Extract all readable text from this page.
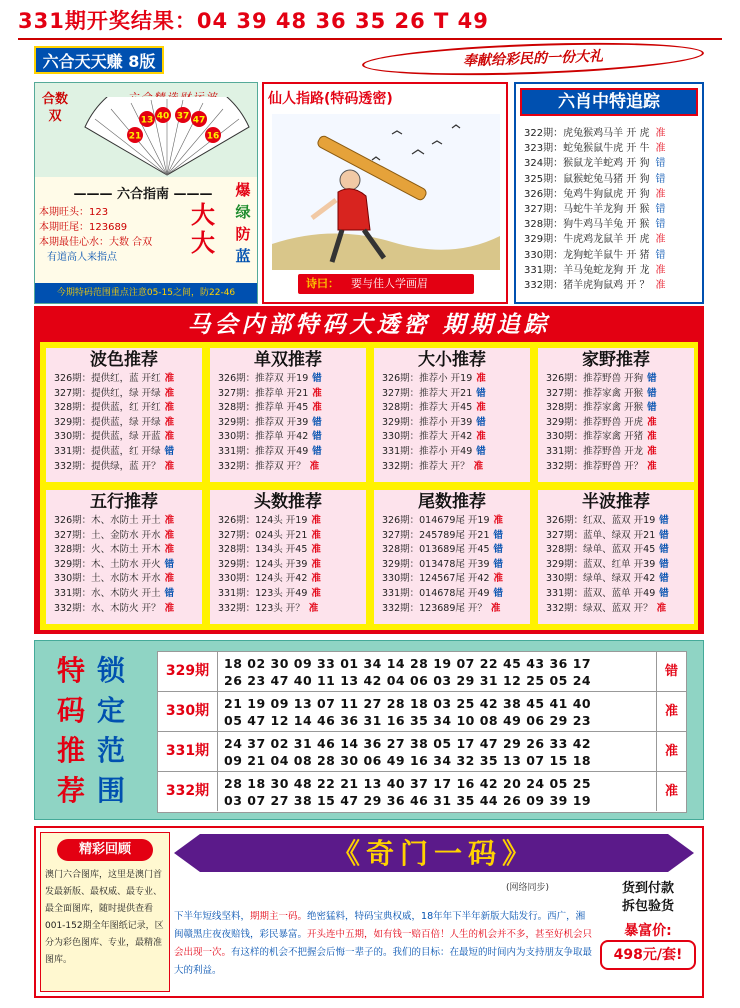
331期开奖结果：04 39 48 36 35 26 T 49
六合天天赚 8版	奉献给彩民的一份大礼
合数双	13 40 37 47
21	16
——— 六合指南 ———
本期旺头：123
本期旺尾：123689
本期最佳心水：大数 合双
有道高人来指点
大大
爆
绿
防
蓝
今期特码范围重点注意05-15之间，防22-46
仙人指路(特码透密)
诗曰： 要与佳人学画眉
六肖中特追踪
322期：虎兔猴鸡马羊 开 虎 准
323期：蛇兔猴鼠牛虎 开 牛 准
324期：猴鼠龙羊蛇鸡 开 狗 错
325期：鼠猴蛇兔马猪 开 狗 错
326期：兔鸡牛狗鼠虎 开 狗 准
327期：马蛇牛羊龙狗 开 猴 错
328期：狗牛鸡马羊兔 开 猴 错
329期：牛虎鸡龙鼠羊 开 虎 准
330期：龙狗蛇羊鼠牛 开 猪 错
331期：羊马兔蛇龙狗 开 龙 准
332期：猪羊虎狗鼠鸡 开 ？ 准
马会内部特码大透密 期期追踪
波色推荐
326期：提供红，蓝 开红 准
327期：提供红，绿 开绿 准
328期：提供蓝，红 开红 准
329期：提供蓝，绿 开绿 准
330期：提供蓝，绿 开蓝 准
331期：提供蓝，红 开绿 错
332期：提供绿，蓝 开？ 准
单双推荐
326期：推荐双 开19 错
327期：推荐单 开21 准
328期：推荐单 开45 准
329期：推荐双 开39 错
330期：推荐单 开42 错
331期：推荐双 开49 错
332期：推荐双 开？ 准
大小推荐
326期：推荐小 开19 准
327期：推荐大 开21 错
328期：推荐大 开45 准
329期：推荐小 开39 错
330期：推荐大 开42 准
331期：推荐小 开49 错
332期：推荐大 开？ 准
家野推荐
326期：推荐野兽 开狗 错
327期：推荐家禽 开猴 错
328期：推荐家禽 开猴 错
329期：推荐野兽 开虎 准
330期：推荐家禽 开猪 准
331期：推荐野兽 开龙 准
332期：推荐野兽 开？ 准
五行推荐
326期：木、水防土 开土 准
327期：土、金防水 开水 准
328期：火、木防土 开木 准
329期：木、土防水 开火 错
330期：土、水防木 开水 准
331期：水、木防火 开土 错
332期：水、木防火 开？ 准
头数推荐
326期：124头 开19 准
327期：024头 开21 准
328期：134头 开45 准
329期：124头 开39 准
330期：124头 开42 准
331期：123头 开49 准
332期：123头 开？ 准
尾数推荐
326期：014679尾 开19 准
327期：245789尾 开21 错
328期：013689尾 开45 错
329期：013478尾 开39 错
330期：124567尾 开42 准
331期：014678尾 开49 错
332期：123689尾 开？ 准
半波推荐
326期：红双、蓝双 开19 错
327期：蓝单、绿双 开21 错
328期：绿单、蓝双 开45 错
329期：蓝双、红单 开39 错
330期：绿单、绿双 开42 错
331期：蓝双、蓝单 开49 错
332期：绿双、蓝双 开？ 准
特
码
推
荐
锁
定
范
围
329期	18 02 30 09 33 01 34 14 28 19 07 22 45 43 36 17
26 23 47 40 11 13 42 04 06 03 29 31 12 25 05 24
错
330期	21 19 09 13 07 11 27 28 18 03 25 42 38 45 41 40
05 47 12 14 46 36 31 16 35 34 10 08 49 06 29 23
准
331期	24 37 02 31 46 14 36 27 38 05 17 47 29 26 33 42
09 21 04 08 28 30 06 49 16 34 32 35 13 07 15 18
准
332期	28 18 30 48 22 21 13 40 37 17 16 42 20 24 05 25
03 07 27 38 15 47 29 36 46 31 35 44 26 09 39 19
准
精彩回顾
澳门六合图库，这里是澳门首发最新版、最权威、最专业、最全面图库，随时提供查看001-152期全年图纸记录，区分为彩色图库、专业，最精准图库。
《奇门一码》
(网络同步)
下半年短线坚料，期期主一码。绝密猛料，特码宝典权威，18年年下半年新版大陆发行。西广，湘闽赣黑庄夜夜赔钱，彩民暴富。开头连中五期，如有钱一赔百倍！人生的机会并不多，甚至好机会只会出现一次。有这样的机会不把握会后悔一辈子的。我们的目标：在最短的时间内为支持朋友争取最大的利益。
货到付款
拆包验货
暴富价:
498元/套!
